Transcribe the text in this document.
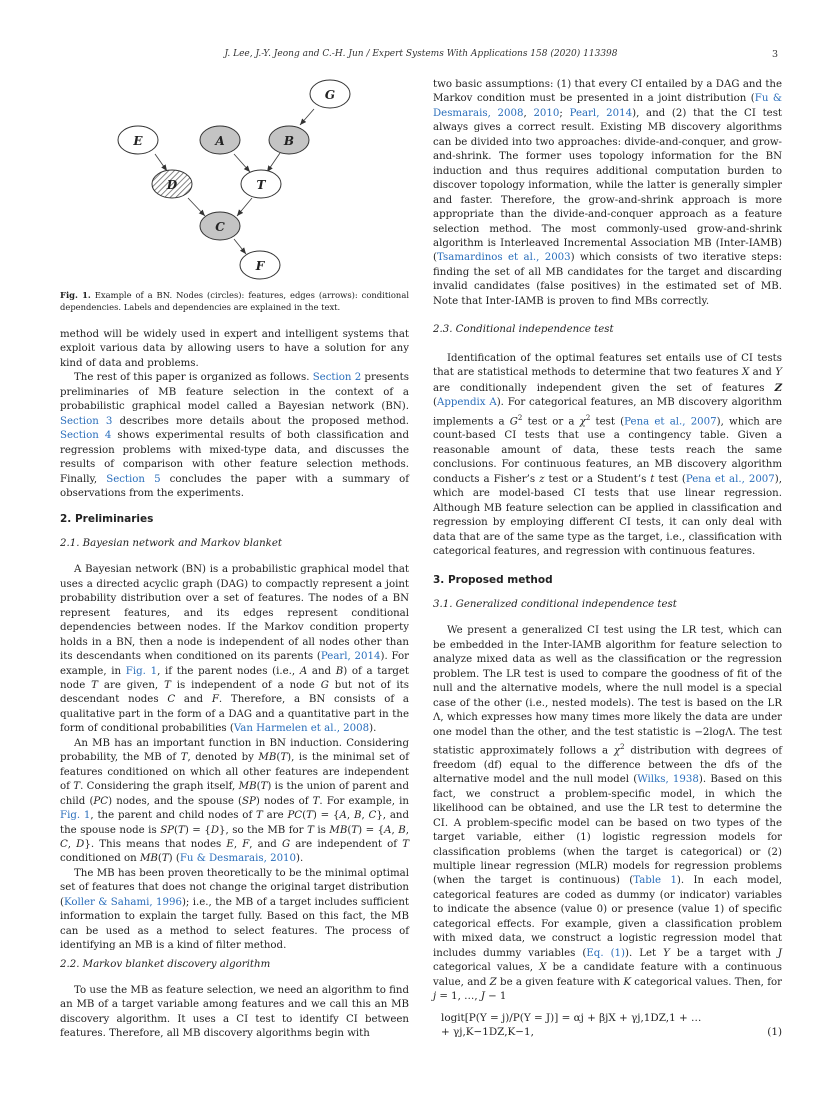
J. Lee, J.-Y. Jeong and C.-H. Jun / Expert Systems With Applications 158 (2020) 113398	3
G
E	A	B
D	T
C
F
Fig. 1. Example of a BN. Nodes (circles): features, edges (arrows): conditional dependencies. Labels and dependencies are explained in the text.

method will be widely used in expert and intelligent systems that exploit various data by allowing users to have a solution for any kind of data and problems.

The rest of this paper is organized as follows. Section 2 presents preliminaries of MB feature selection in the context of a probabilistic graphical model called a Bayesian network (BN). Section 3 describes more details about the proposed method. Section 4 shows experimental results of both classification and regression problems with mixed-type data, and discusses the results of comparison with other feature selection methods. Finally, Section 5 concludes the paper with a summary of observations from the experiments.

2. Preliminaries
2.1. Bayesian network and Markov blanket

A Bayesian network (BN) is a probabilistic graphical model that uses a directed acyclic graph (DAG) to compactly represent a joint probability distribution over a set of features. The nodes of a BN represent features, and its edges represent conditional dependencies between nodes. If the Markov condition property holds in a BN, then a node is independent of all nodes other than its descendants when conditioned on its parents (Pearl, 2014). For example, in Fig. 1, if the parent nodes (i.e., A and B) of a target node T are given, T is independent of a node G but not of its descendant nodes C and F. Therefore, a BN consists of a qualitative part in the form of a DAG and a quantitative part in the form of conditional probabilities (Van Harmelen et al., 2008).

An MB has an important function in BN induction. Considering probability, the MB of T, denoted by MB(T), is the minimal set of features conditioned on which all other features are independent of T. Considering the graph itself, MB(T) is the union of parent and child (PC) nodes, and the spouse (SP) nodes of T. For example, in Fig. 1, the parent and child nodes of T are PC(T) = {A, B, C}, and the spouse node is SP(T) = {D}, so the MB for T is MB(T) = {A, B, C, D}. This means that nodes E, F, and G are independent of T conditioned on MB(T) (Fu & Desmarais, 2010).

The MB has been proven theoretically to be the minimal optimal set of features that does not change the original target distribution (Koller & Sahami, 1996); i.e., the MB of a target includes sufficient information to explain the target fully. Based on this fact, the MB can be used as a method to select features. The process of identifying an MB is a kind of filter method.

2.2. Markov blanket discovery algorithm

To use the MB as feature selection, we need an algorithm to find an MB of a target variable among features and we call this an MB discovery algorithm. It uses a CI test to identify CI between features. Therefore, all MB discovery algorithms begin with

two basic assumptions: (1) that every CI entailed by a DAG and the Markov condition must be presented in a joint distribution (Fu & Desmarais, 2008, 2010; Pearl, 2014), and (2) that the CI test always gives a correct result. Existing MB discovery algorithms can be divided into two approaches: divide-and-conquer, and grow-and-shrink. The former uses topology information for the BN induction and thus requires additional computation burden to discover topology information, while the latter is generally simpler and faster. Therefore, the grow-and-shrink approach is more appropriate than the divide-and-conquer approach as a feature selection method. The most commonly-used grow-and-shrink algorithm is Interleaved Incremental Association MB (Inter-IAMB) (Tsamardinos et al., 2003) which consists of two iterative steps: finding the set of all MB candidates for the target and discarding invalid candidates (false positives) in the estimated set of MB. Note that Inter-IAMB is proven to find MBs correctly.

2.3. Conditional independence test

Identification of the optimal features set entails use of CI tests that are statistical methods to determine that two features X and Y are conditionally independent given the set of features Z (Appendix A). For categorical features, an MB discovery algorithm implements a $G^2$ test or a $\chi^2$ test (Pena et al., 2007), which are count-based CI tests that use a contingency table. Given a reasonable amount of data, these tests reach the same conclusions. For continuous features, an MB discovery algorithm conducts a Fisher’s z test or a Student’s t test (Pena et al., 2007), which are model-based CI tests that use linear regression. Although MB feature selection can be applied in classification and regression by employing different CI tests, it can only deal with data that are of the same type as the target, i.e., classification with categorical features, and regression with continuous features.

3. Proposed method
3.1. Generalized conditional independence test

We present a generalized CI test using the LR test, which can be embedded in the Inter-IAMB algorithm for feature selection to analyze mixed data as well as the classification or the regression problem. The LR test is used to compare the goodness of fit of the null and the alternative models, where the null model is a special case of the other (i.e., nested models). The test is based on the LR Λ, which expresses how many times more likely the data are under one model than the other, and the test statistic is −2logΛ. The test statistic approximately follows a $\chi^2$ distribution with degrees of freedom (df) equal to the difference between the dfs of the alternative model and the null model (Wilks, 1938). Based on this fact, we construct a problem-specific model, in which the likelihood can be obtained, and use the LR test to determine the CI. A problem-specific model can be based on two types of the target variable, either (1) logistic regression models for classification problems (when the target is categorical) or (2) multiple linear regression (MLR) models for regression problems (when the target is continuous) (Table 1). In each model, categorical features are coded as dummy (or indicator) variables to indicate the absence (value 0) or presence (value 1) of specific categorical effects. For example, given a classification problem with mixed data, we construct a logistic regression model that includes dummy variables (Eq. (1)). Let Y be a target with J categorical values, X be a candidate feature with a continuous value, and Z be a given feature with K categorical values. Then, for j = 1, …, J − 1

logit[P(Y = j)/P(Y = J)] = αj + βjX + γj,1DZ,1 + …
+ γj,K−1DZ,K−1,	(1)
